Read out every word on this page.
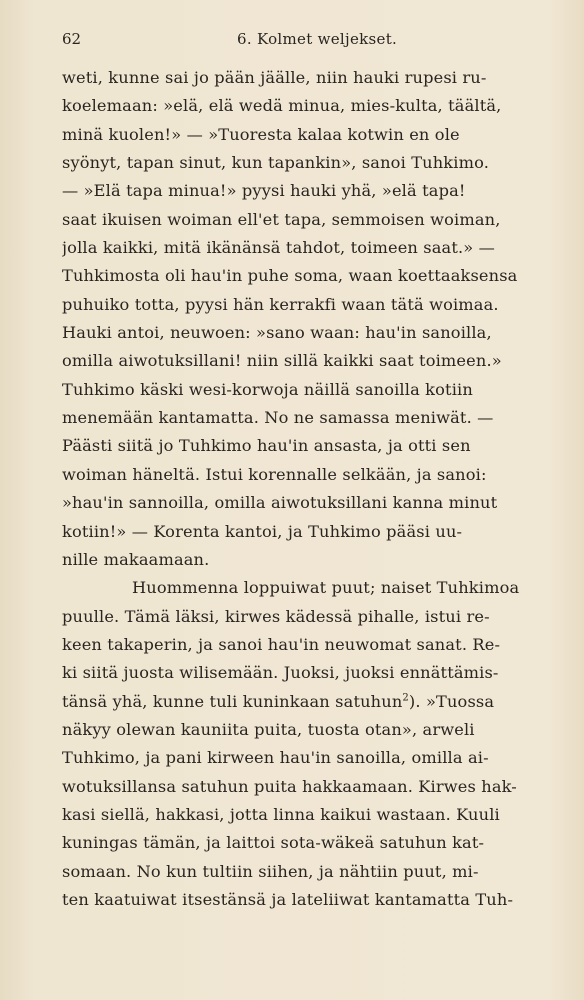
62	6. Kolmet weljekset.
weti, kunne sai jo pään jäälle, niin hauki rupesi ru-
koelemaan: »elä, elä wedä minua, mies-kulta, täältä,
minä kuolen!» — »Tuoresta kalaa kotwin en ole
syönyt, tapan sinut, kun tapankin», sanoi Tuhkimo.
— »Elä tapa minua!» pyysi hauki yhä, »elä tapa!
saat ikuisen woiman ell'et tapa, semmoisen woiman,
jolla kaikki, mitä ikänänsä tahdot, toimeen saat.» —
Tuhkimosta oli hau'in puhe soma, waan koettaaksensa
puhuiko totta, pyysi hän kerrakfi waan tätä woimaa.
Hauki antoi, neuwoen: »sano waan: hau'in sanoilla,
omilla aiwotuksillani! niin sillä kaikki saat toimeen.»
Tuhkimo käski wesi-korwoja näillä sanoilla kotiin
menemään kantamatta. No ne samassa meniwät. —
Päästi siitä jo Tuhkimo hau'in ansasta, ja otti sen
woiman häneltä. Istui korennalle selkään, ja sanoi:
»hau'in sannoilla, omilla aiwotuksillani kanna minut
kotiin!» — Korenta kantoi, ja Tuhkimo pääsi uu-
nille makaamaan.
Huommenna loppuiwat puut; naiset Tuhkimoa
puulle. Tämä läksi, kirwes kädessä pihalle, istui re-
keen takaperin, ja sanoi hau'in neuwomat sanat. Re-
ki siitä juosta wilisemään. Juoksi, juoksi ennättämis-
tänsä yhä, kunne tuli kuninkaan satuhun$^2$). »Tuossa
näkyy olewan kauniita puita, tuosta otan», arweli
Tuhkimo, ja pani kirween hau'in sanoilla, omilla ai-
wotuksillansa satuhun puita hakkaamaan. Kirwes hak-
kasi siellä, hakkasi, jotta linna kaikui wastaan. Kuuli
kuningas tämän, ja laittoi sota-wäkeä satuhun kat-
somaan. No kun tultiin siihen, ja nähtiin puut, mi-
ten kaatuiwat itsestänsä ja lateliiwat kantamatta Tuh-
